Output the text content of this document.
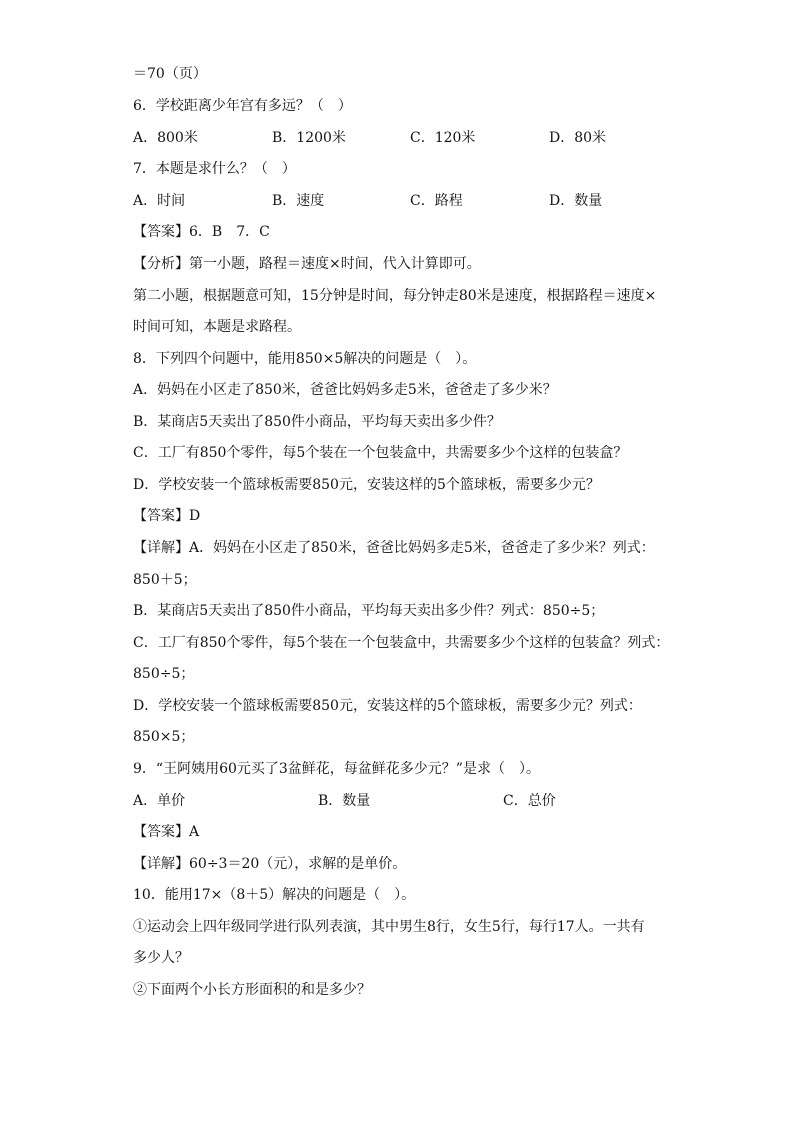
＝70（页）
6．学校距离少年宫有多远？（　）
A．800米	B．1200米	C．120米	D．80米
7．本题是求什么？（　）
A．时间	B．速度	C．路程	D．数量
【答案】6．B　7．C
【分析】第一小题，路程＝速度×时间，代入计算即可。
第二小题，根据题意可知，15分钟是时间，每分钟走80米是速度，根据路程＝速度×
时间可知，本题是求路程。
8．下列四个问题中，能用850×5解决的问题是（　）。
A．妈妈在小区走了850米，爸爸比妈妈多走5米，爸爸走了多少米？
B．某商店5天卖出了850件小商品，平均每天卖出多少件？
C．工厂有850个零件，每5个装在一个包装盒中，共需要多少个这样的包装盒？
D．学校安装一个篮球板需要850元，安装这样的5个篮球板，需要多少元？
【答案】D
【详解】A．妈妈在小区走了850米，爸爸比妈妈多走5米，爸爸走了多少米？列式：
850＋5；
B．某商店5天卖出了850件小商品，平均每天卖出多少件？列式：850÷5；
C．工厂有850个零件，每5个装在一个包装盒中，共需要多少个这样的包装盒？列式：
850÷5；
D．学校安装一个篮球板需要850元，安装这样的5个篮球板，需要多少元？列式：
850×5；
9．“王阿姨用60元买了3盆鲜花，每盆鲜花多少元？”是求（　）。
A．单价	B．数量	C．总价
【答案】A
【详解】60÷3＝20（元），求解的是单价。
10．能用17×（8＋5）解决的问题是（　）。
①运动会上四年级同学进行队列表演，其中男生8行，女生5行，每行17人。一共有
多少人？
②下面两个小长方形面积的和是多少？
